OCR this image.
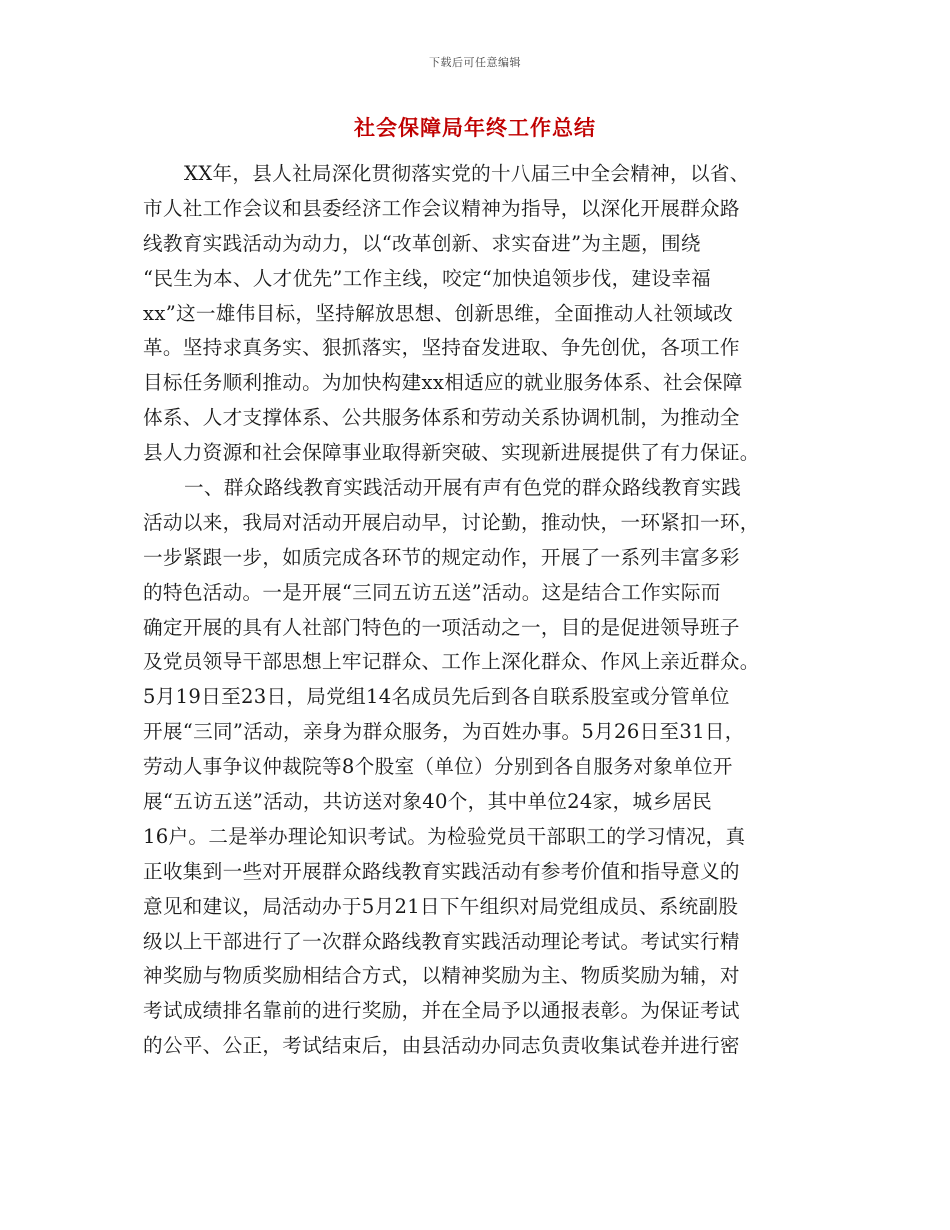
下载后可任意编辑
社会保障局年终工作总结
XX年，县人社局深化贯彻落实党的十八届三中全会精神，以省、
市人社工作会议和县委经济工作会议精神为指导，以深化开展群众路
线教育实践活动为动力，以“改革创新、求实奋进”为主题，围绕
“民生为本、人才优先”工作主线，咬定“加快追领步伐，建设幸福
xx”这一雄伟目标，坚持解放思想、创新思维，全面推动人社领域改
革。坚持求真务实、狠抓落实，坚持奋发进取、争先创优，各项工作
目标任务顺利推动。为加快构建xx相适应的就业服务体系、社会保障
体系、人才支撑体系、公共服务体系和劳动关系协调机制，为推动全
县人力资源和社会保障事业取得新突破、实现新进展提供了有力保证。
一、群众路线教育实践活动开展有声有色党的群众路线教育实践
活动以来，我局对活动开展启动早，讨论勤，推动快，一环紧扣一环，
一步紧跟一步，如质完成各环节的规定动作，开展了一系列丰富多彩
的特色活动。一是开展“三同五访五送”活动。这是结合工作实际而
确定开展的具有人社部门特色的一项活动之一，目的是促进领导班子
及党员领导干部思想上牢记群众、工作上深化群众、作风上亲近群众。
5月19日至23日，局党组14名成员先后到各自联系股室或分管单位
开展“三同”活动，亲身为群众服务，为百姓办事。5月26日至31日，
劳动人事争议仲裁院等8个股室（单位）分别到各自服务对象单位开
展“五访五送”活动，共访送对象40个，其中单位24家，城乡居民
16户。二是举办理论知识考试。为检验党员干部职工的学习情况，真
正收集到一些对开展群众路线教育实践活动有参考价值和指导意义的
意见和建议，局活动办于5月21日下午组织对局党组成员、系统副股
级以上干部进行了一次群众路线教育实践活动理论考试。考试实行精
神奖励与物质奖励相结合方式，以精神奖励为主、物质奖励为辅，对
考试成绩排名靠前的进行奖励，并在全局予以通报表彰。为保证考试
的公平、公正，考试结束后，由县活动办同志负责收集试卷并进行密
